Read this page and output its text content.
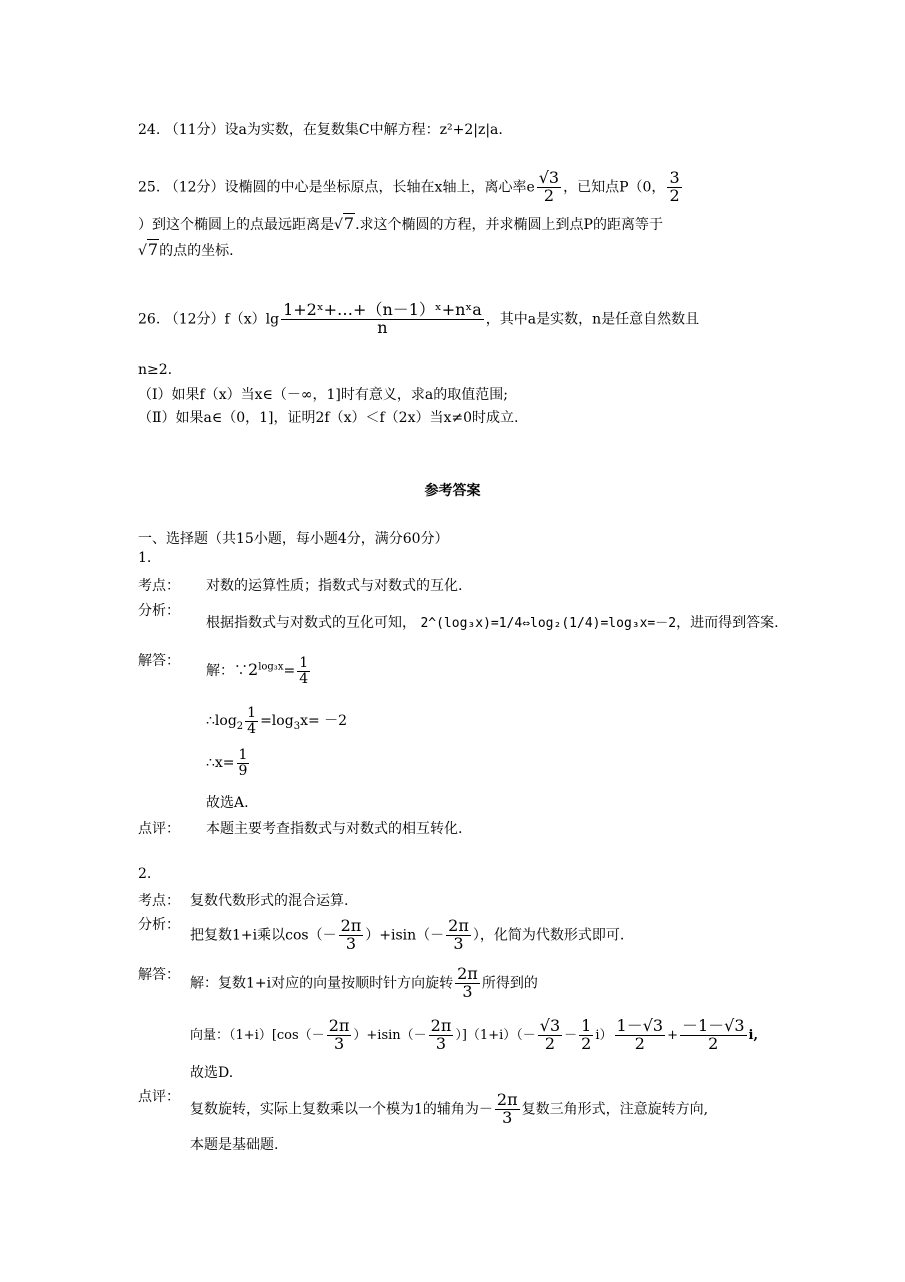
24. （11分）设a为实数，在复数集C中解方程：z²+2|z|a.
25. （12分）设椭圆的中心是坐标原点，长轴在x轴上，离心率e $\frac{√3}{2}$ ，已知点P（0， $\frac{3}{2}$
）到这个椭圆上的点最远距离是√7.求这个椭圆的方程，并求椭圆上到点P的距离等于
√7的点的坐标.
26. （12分）$f(x)\lg \frac{\text{1+2ˣ+…+（n－1）ˣ+nˣa}}{n}$ ，其中a是实数，n是任意自然数且
n≥2.
（Ⅰ）如果f（x）当x∈（－∞，1]时有意义，求a的取值范围;
（Ⅱ）如果a∈（0，1]，证明2f（x）＜f（2x）当x≠0时成立.
参考答案
一、选择题（共15小题，每小题4分，满分60分）
1.
考点： 对数的运算性质；指数式与对数式的互化.
分析：
根据指数式与对数式的互化可知， 2^(log₃x)=1/4⇔log₂(1/4)=log₃x=－2，进而得到答案.
解答：
解：$\because 2^{log_3x}= \frac{1}{4}$
$\therefore\log_2 \frac{1}{4} =\log_3x= -2$
∴x= $\frac{1}{9}$
故选A.
点评： 本题主要考查指数式与对数式的相互转化.
2.
考点： 复数代数形式的混合运算.
分析：
把复数1+i乘以$\cos(- \frac{2\pi}{3} )+isin(- \frac{2\pi}{3}$ ），化简为代数形式即可.
解答：
解：复数1+i对应的向量按顺时针方向旋转 $\frac{2\pi}{3}$ 所得到的
向量：$(1+i)[\cos(- \frac{2\pi}{3} )+isin(- \frac{2\pi}{3} )](1+i)(- \frac{√3}{2} - \frac{1}{2} i) \frac{1-√3}{2} + \frac{-1-√3}{2} i$,
故选D.
点评：
复数旋转，实际上复数乘以一个模为1的辅角为－ $\frac{2\pi}{3}$ 复数三角形式，注意旋转方向,
本题是基础题.
